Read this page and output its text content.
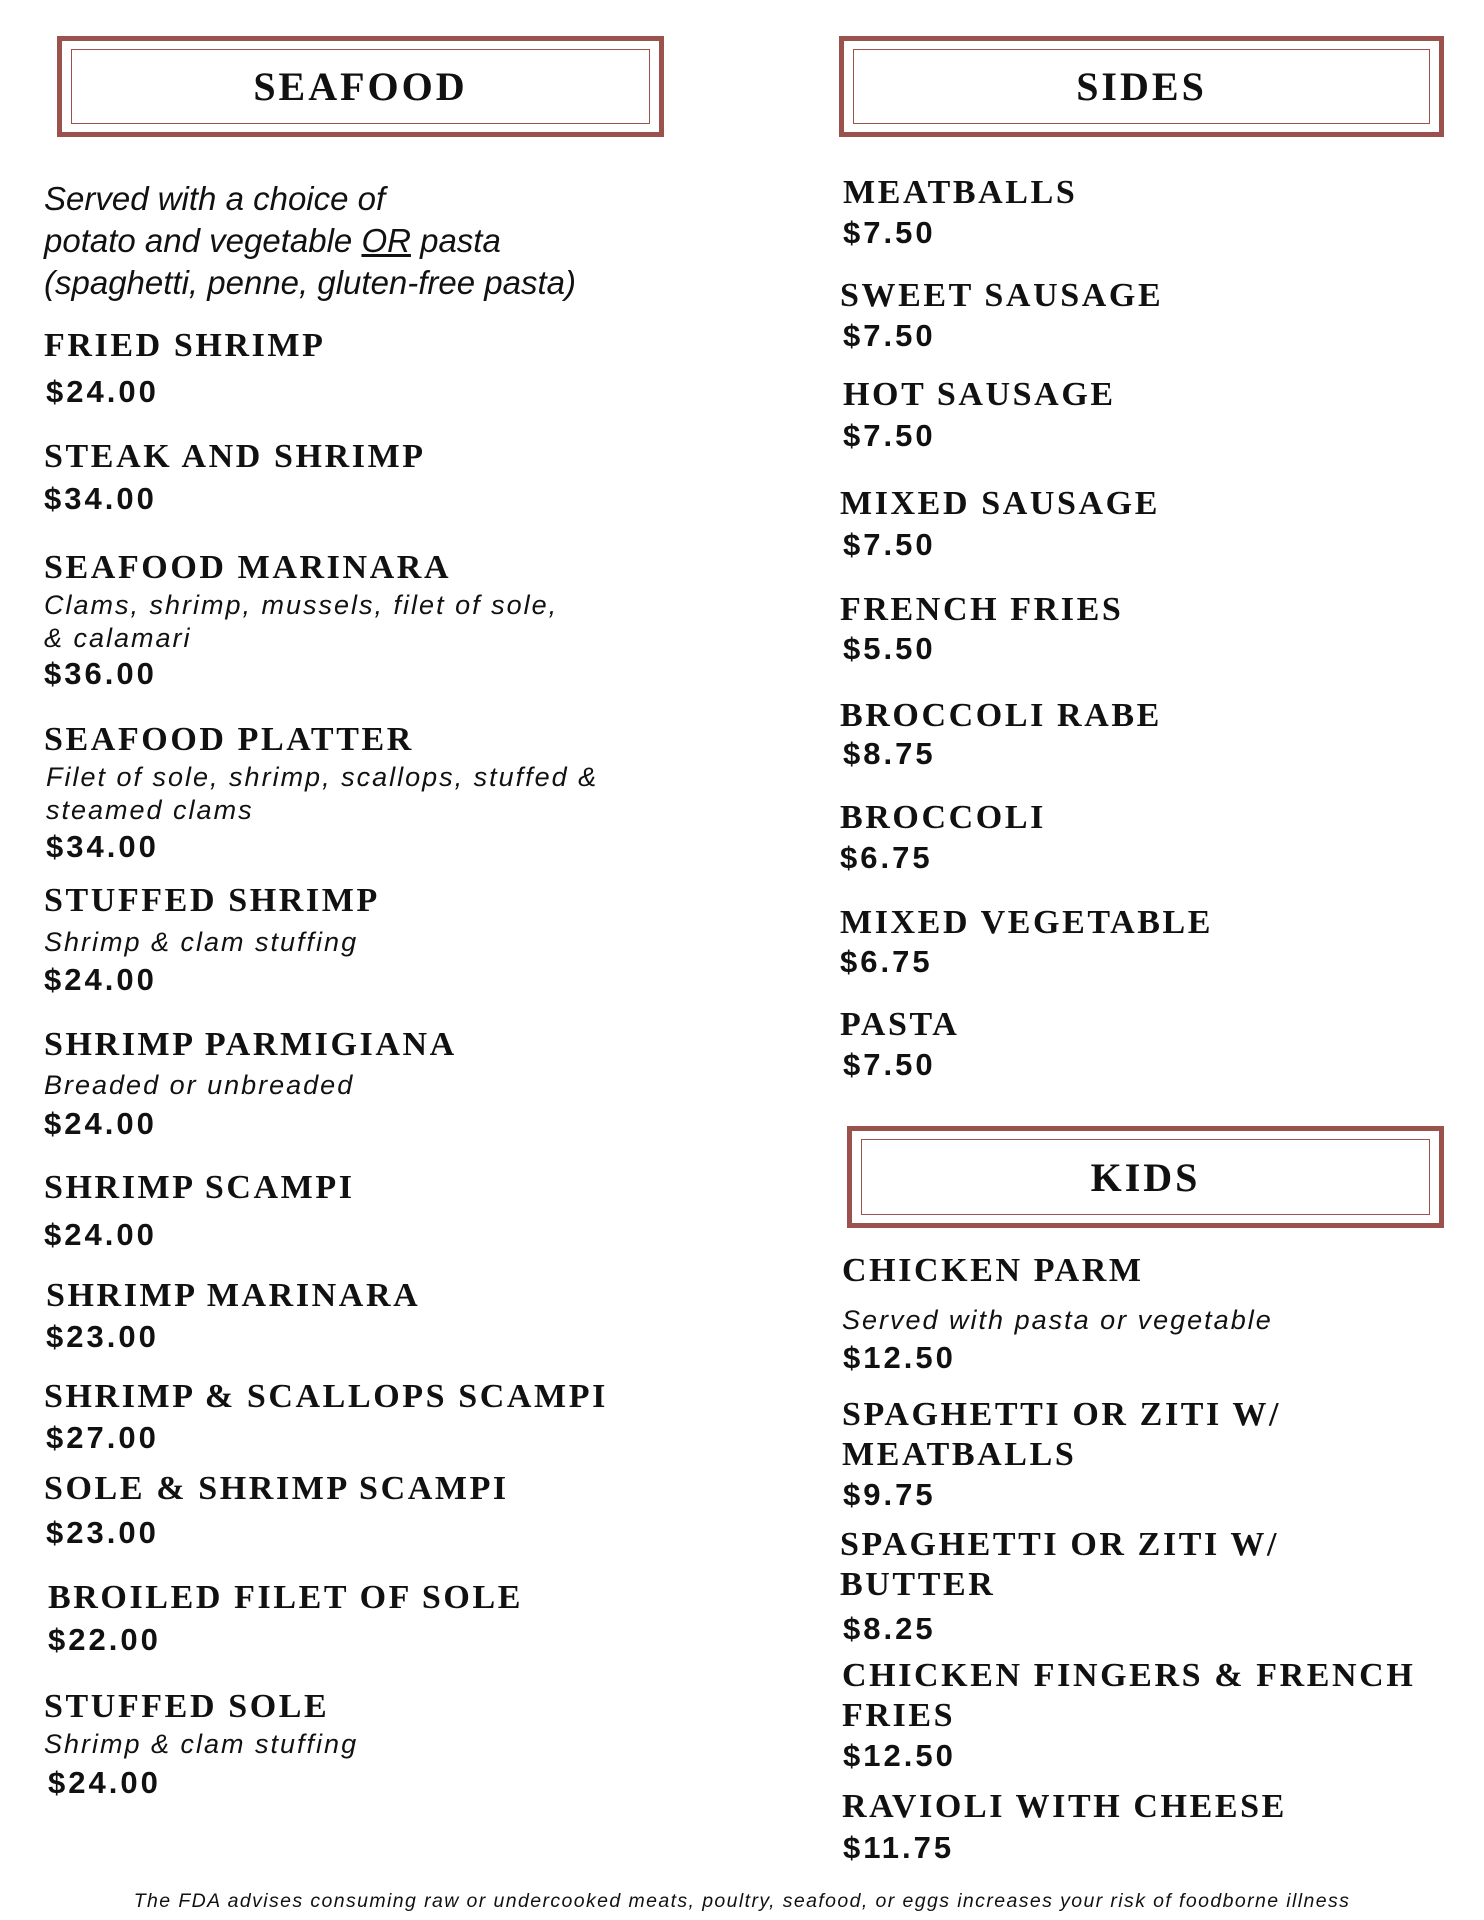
SEAFOOD
Served with a choice of
potato and vegetable OR pasta
(spaghetti, penne, gluten-free pasta)
FRIED SHRIMP
$24.00
STEAK AND SHRIMP
$34.00
SEAFOOD MARINARA
Clams, shrimp, mussels, filet of sole,
& calamari
$36.00
SEAFOOD PLATTER
Filet of sole, shrimp, scallops, stuffed &
steamed clams
$34.00
STUFFED SHRIMP
Shrimp & clam stuffing
$24.00
SHRIMP PARMIGIANA
Breaded or unbreaded
$24.00
SHRIMP SCAMPI
$24.00
SHRIMP MARINARA
$23.00
SHRIMP & SCALLOPS SCAMPI
$27.00
SOLE & SHRIMP SCAMPI
$23.00
BROILED FILET OF SOLE
$22.00
STUFFED SOLE
Shrimp & clam stuffing
$24.00
SIDES
MEATBALLS
$7.50
SWEET SAUSAGE
$7.50
HOT SAUSAGE
$7.50
MIXED SAUSAGE
$7.50
FRENCH FRIES
$5.50
BROCCOLI RABE
$8.75
BROCCOLI
$6.75
MIXED VEGETABLE
$6.75
PASTA
$7.50
KIDS
CHICKEN PARM
Served with pasta or vegetable
$12.50
SPAGHETTI OR ZITI W/
MEATBALLS
$9.75
SPAGHETTI OR ZITI W/
BUTTER
$8.25
CHICKEN FINGERS & FRENCH
FRIES
$12.50
RAVIOLI WITH CHEESE
$11.75
The FDA advises consuming raw or undercooked meats, poultry, seafood, or eggs increases your risk of foodborne illness
